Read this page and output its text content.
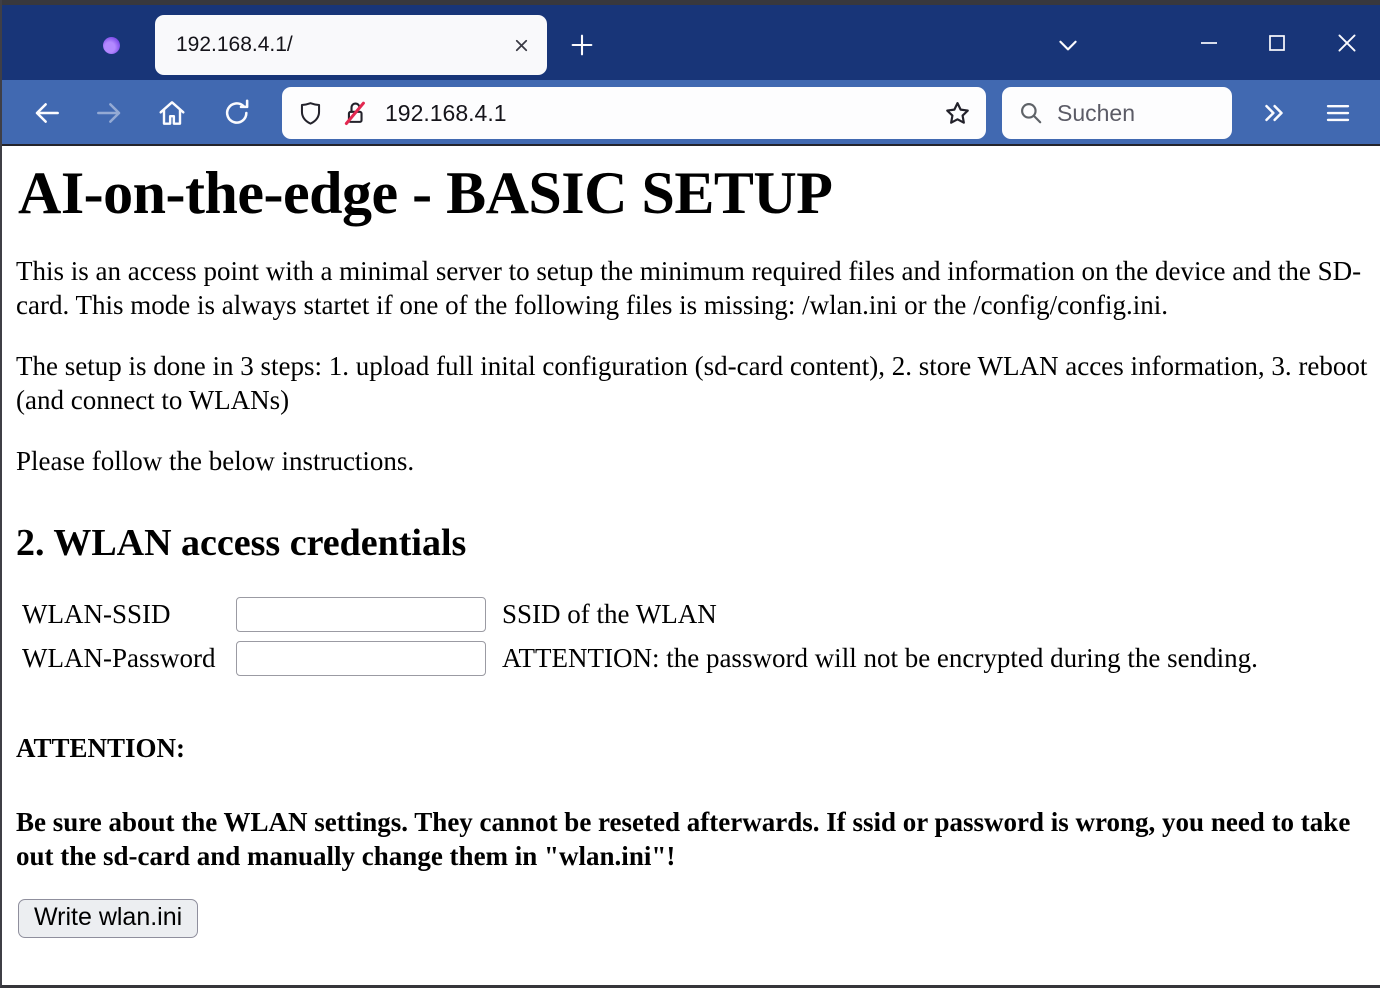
192.168.4.1/
192.168.4.1
Suchen
AI-on-the-edge - BASIC SETUP

This is an access point with a minimal server to setup the minimum required files and information on the device and the SD-card. This mode is always startet if one of the following files is missing: /wlan.ini or the /config/config.ini.

The setup is done in 3 steps: 1. upload full inital configuration (sd-card content), 2. store WLAN acces information, 3. reboot (and connect to WLANs)

Please follow the below instructions.

2. WLAN access credentials
WLAN-SSID		SSID of the WLAN
WLAN-Password		ATTENTION: the password will not be encrypted during the sending.

ATTENTION:

Be sure about the WLAN settings. They cannot be reseted afterwards. If ssid or password is wrong, you need to take out the sd-card and manually change them in "wlan.ini"!

Write wlan.ini
